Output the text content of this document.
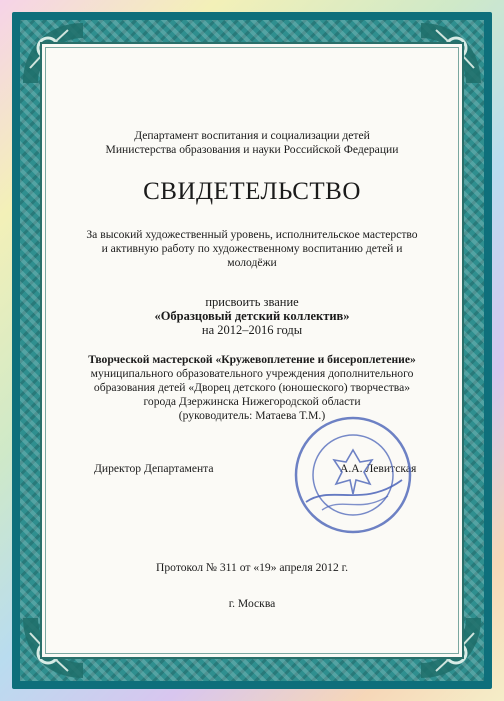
Департамент воспитания и социализации детей
Министерства образования и науки Российской Федерации
СВИДЕТЕЛЬСТВО
За высокий художественный уровень, исполнительское мастерство
и активную работу по художественному воспитанию детей и
молодёжи
присвоить звание
«Образцовый детский коллектив»
на 2012–2016 годы
Творческой мастерской «Кружевоплетение и бисероплетение»
муниципального образовательного учреждения дополнительного
образования детей «Дворец детского (юношеского) творчества»
города Дзержинска Нижегородской области
(руководитель: Матаева Т.М.)
Директор Департамента	А.А. Левитская
Протокол № 311 от «19» апреля 2012 г.
г. Москва
